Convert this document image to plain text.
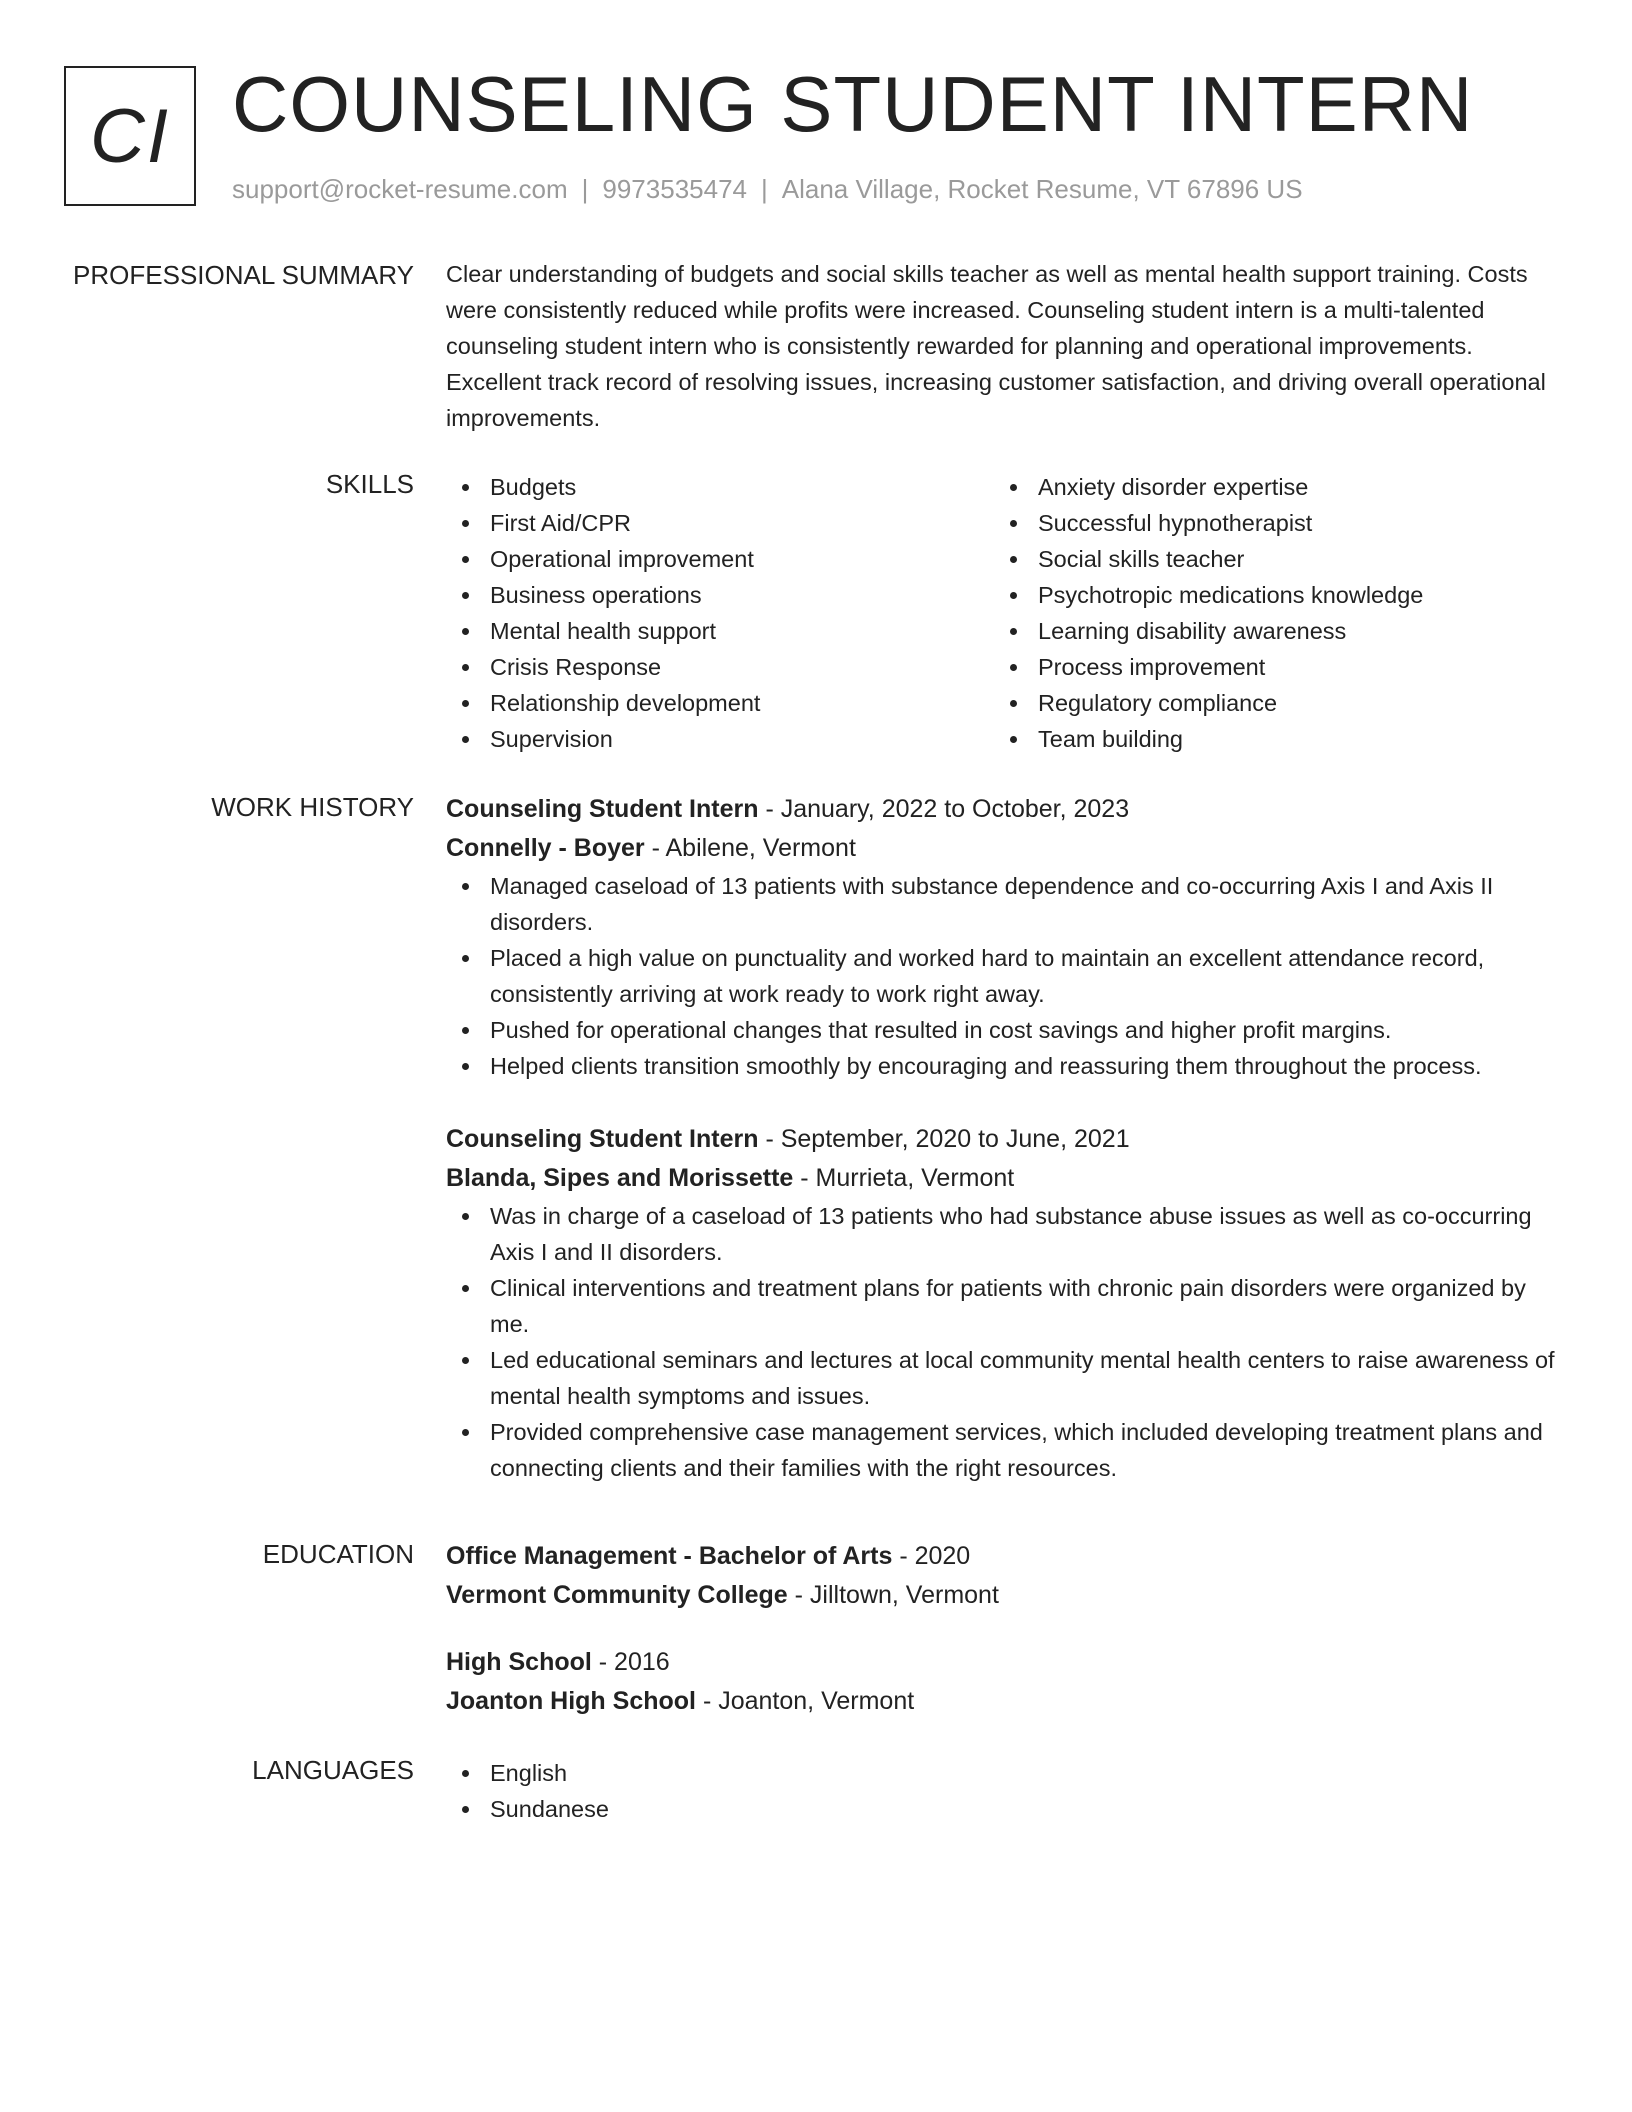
CI COUNSELING STUDENT INTERN
support@rocket-resume.com | 9973535474 | Alana Village, Rocket Resume, VT 67896 US
PROFESSIONAL SUMMARY Clear understanding of budgets and social skills teacher as well as mental health support training. Costs were consistently reduced while profits were increased. Counseling student intern is a multi-talented counseling student intern who is consistently rewarded for planning and operational improvements. Excellent track record of resolving issues, increasing customer satisfaction, and driving overall operational improvements.

SKILLS	Budgets
First Aid/CPR
Operational improvement
Business operations
Mental health support
Crisis Response
Relationship development
Supervision
Anxiety disorder expertise
Successful hypnotherapist
Social skills teacher
Psychotropic medications knowledge
Learning disability awareness
Process improvement
Regulatory compliance
Team building
WORK HISTORY Counseling Student Intern - January, 2022 to October, 2023
Connelly - Boyer - Abilene, Vermont
Managed caseload of 13 patients with substance dependence and co-occurring Axis I and Axis II disorders.
Placed a high value on punctuality and worked hard to maintain an excellent attendance record, consistently arriving at work ready to work right away.
Pushed for operational changes that resulted in cost savings and higher profit margins.
Helped clients transition smoothly by encouraging and reassuring them throughout the process.
Counseling Student Intern - September, 2020 to June, 2021
Blanda, Sipes and Morissette - Murrieta, Vermont
Was in charge of a caseload of 13 patients who had substance abuse issues as well as co-occurring Axis I and II disorders.
Clinical interventions and treatment plans for patients with chronic pain disorders were organized by me.
Led educational seminars and lectures at local community mental health centers to raise awareness of mental health symptoms and issues.
Provided comprehensive case management services, which included developing treatment plans and connecting clients and their families with the right resources.
EDUCATION Office Management - Bachelor of Arts - 2020
Vermont Community College - Jilltown, Vermont
High School - 2016
Joanton High School - Joanton, Vermont
LANGUAGES	English
Sundanese
